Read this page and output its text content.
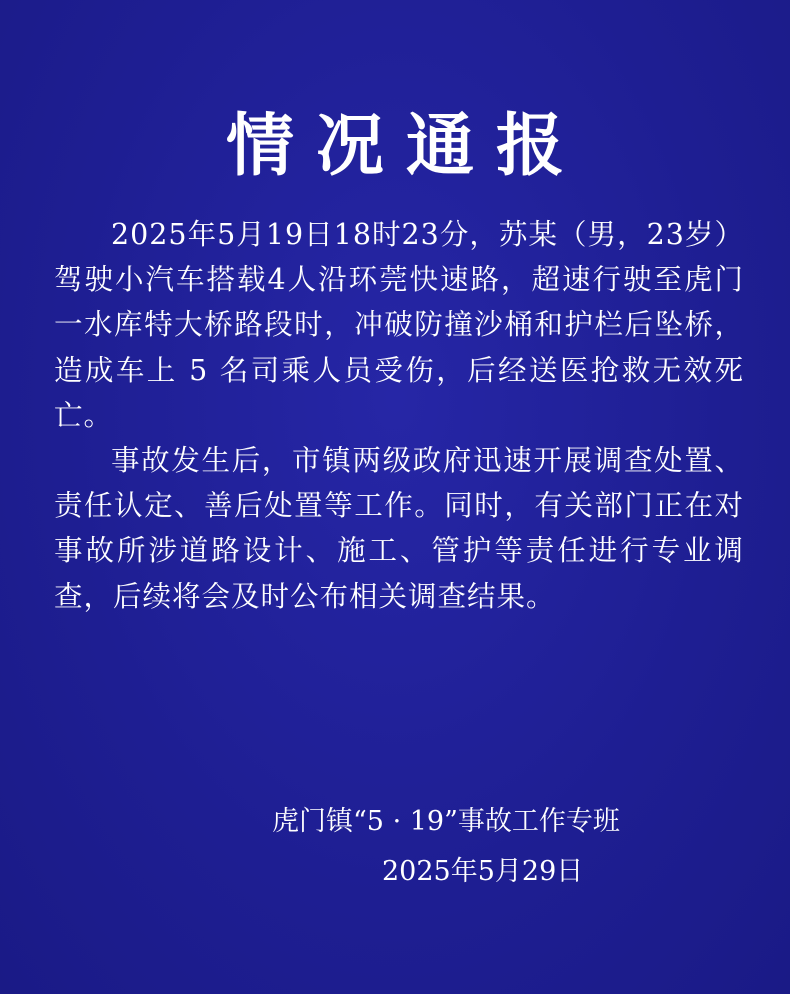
情况通报

2025年5月19日18时23分，苏某（男，23岁）驾驶小汽车搭载4人沿环莞快速路，超速行驶至虎门一水库特大桥路段时，冲破防撞沙桶和护栏后坠桥，造成车上 5 名司乘人员受伤，后经送医抢救无效死亡。

事故发生后，市镇两级政府迅速开展调查处置、责任认定、善后处置等工作。同时，有关部门正在对事故所涉道路设计、施工、管护等责任进行专业调查，后续将会及时公布相关调查结果。

虎门镇“5 · 19”事故工作专班
2025年5月29日
